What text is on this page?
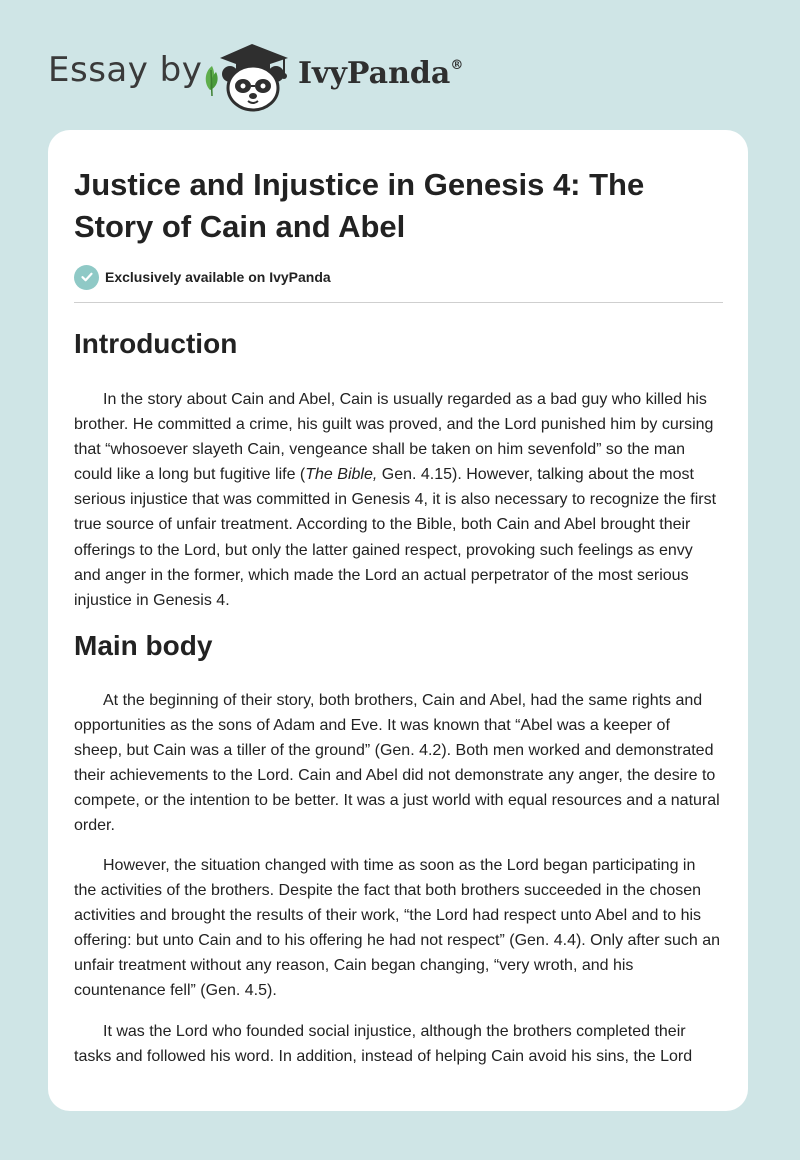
Essay by	IvyPanda®
Justice and Injustice in Genesis 4: The Story of Cain and Abel
Exclusively available on IvyPanda
Introduction

In the story about Cain and Abel, Cain is usually regarded as a bad guy who killed his brother. He committed a crime, his guilt was proved, and the Lord punished him by cursing that “whosoever slayeth Cain, vengeance shall be taken on him sevenfold” so the man could like a long but fugitive life (The Bible, Gen. 4.15). However, talking about the most serious injustice that was committed in Genesis 4, it is also necessary to recognize the first true source of unfair treatment. According to the Bible, both Cain and Abel brought their offerings to the Lord, but only the latter gained respect, provoking such feelings as envy and anger in the former, which made the Lord an actual perpetrator of the most serious injustice in Genesis 4.

Main body

At the beginning of their story, both brothers, Cain and Abel, had the same rights and opportunities as the sons of Adam and Eve. It was known that “Abel was a keeper of sheep, but Cain was a tiller of the ground” (Gen. 4.2). Both men worked and demonstrated their achievements to the Lord. Cain and Abel did not demonstrate any anger, the desire to compete, or the intention to be better. It was a just world with equal resources and a natural order.

However, the situation changed with time as soon as the Lord began participating in the activities of the brothers. Despite the fact that both brothers succeeded in the chosen activities and brought the results of their work, “the Lord had respect unto Abel and to his offering: but unto Cain and to his offering he had not respect” (Gen. 4.4). Only after such an unfair treatment without any reason, Cain began changing, “very wroth, and his countenance fell” (Gen. 4.5).

It was the Lord who founded social injustice, although the brothers completed their tasks and followed his word. In addition, instead of helping Cain avoid his sins, the Lord
